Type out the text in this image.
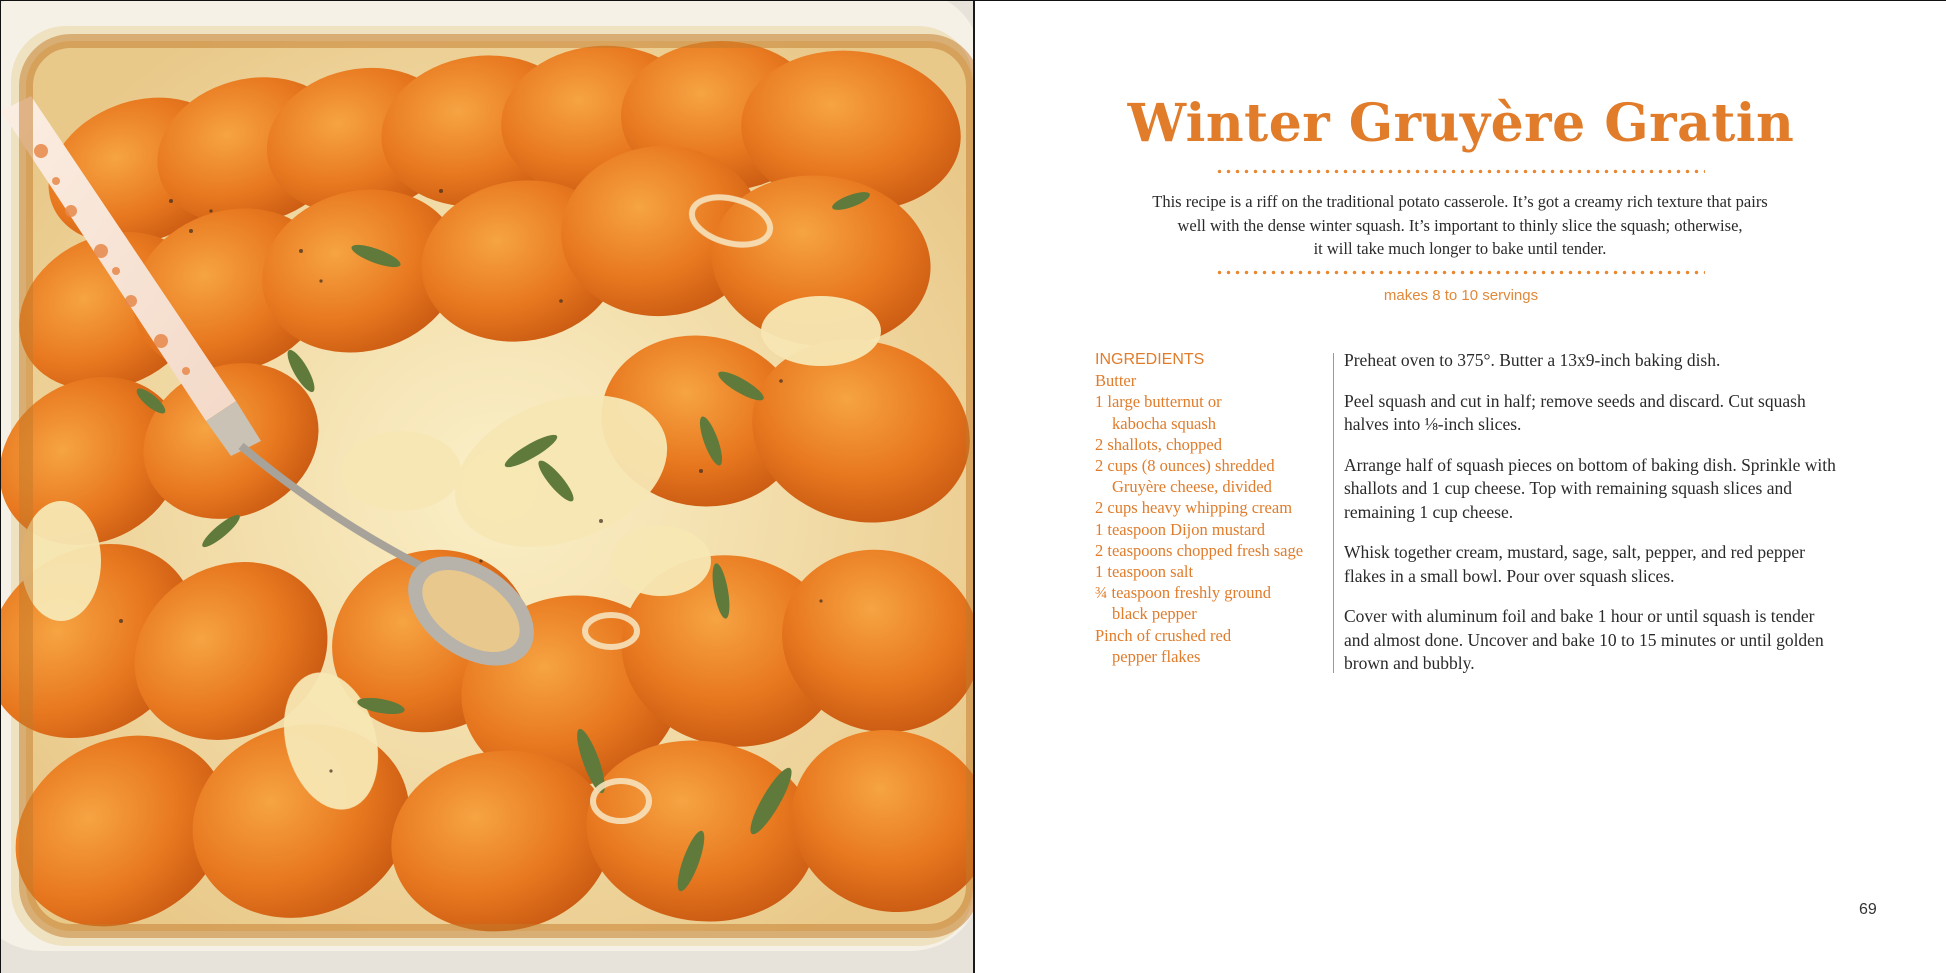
Winter Gruyère Gratin
This recipe is a riff on the traditional potato casserole. It’s got a creamy rich texture that pairs
well with the dense winter squash. It’s important to thinly slice the squash; otherwise,
it will take much longer to bake until tender.
makes 8 to 10 servings
INGREDIENTS
Butter
1 large butternut or
kabocha squash
2 shallots, chopped
2 cups (8 ounces) shredded
Gruyère cheese, divided
2 cups heavy whipping cream
1 teaspoon Dijon mustard
2 teaspoons chopped fresh sage
1 teaspoon salt
¾ teaspoon freshly ground
black pepper
Pinch of crushed red
pepper flakes

Preheat oven to 375°. Butter a 13x9-inch baking dish.

Peel squash and cut in half; remove seeds and discard. Cut squash halves into ⅛-inch slices.

Arrange half of squash pieces on bottom of baking dish. Sprinkle with shallots and 1 cup cheese. Top with remaining squash slices and remaining 1 cup cheese.

Whisk together cream, mustard, sage, salt, pepper, and red pepper flakes in a small bowl. Pour over squash slices.

Cover with aluminum foil and bake 1 hour or until squash is tender and almost done. Uncover and bake 10 to 15 minutes or until golden brown and bubbly.

69
